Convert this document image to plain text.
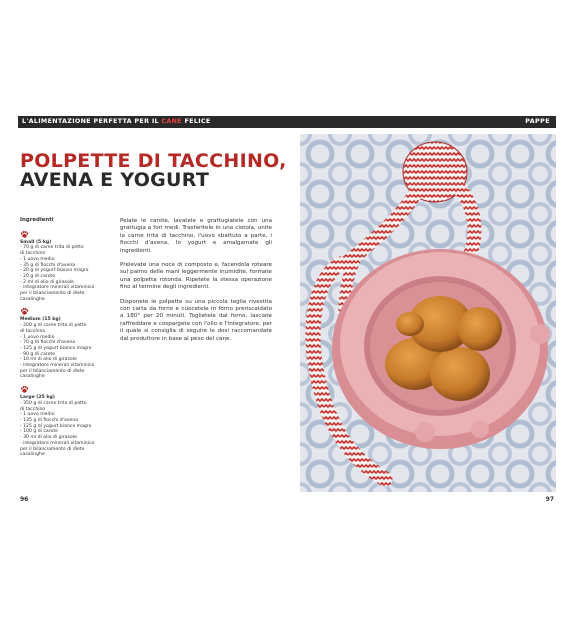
L'ALIMENTAZIONE PERFETTA PER IL CANE FELICE	PAPPE
POLPETTE DI TACCHINO,
AVENA E YOGURT
Ingredienti
Small (5 kg)
- 70 g di carne trita di petto
di tacchino
- 1 uovo medio
- 35 g di fiocchi d'avena
- 20 g di yogurt bianco magro
- 20 g di carote
- 2 ml di olio di girasole
- integratore minerali vitaminico
per il bilanciamento di diete
casalinghe
Medium (15 kg)
- 200 g di carne trita di petto
di tacchino
- 1 uovo medio
- 70 g di fiocchi d'avena
- 125 g di yogurt bianco magro
- 90 g di carote
- 10 ml di olio di girasole
- integratore minerali vitaminico
per il bilanciamento di diete
casalinghe
Large (25 kg)
- 350 g di carne trita di petto
di tacchino
- 1 uovo medio
- 135 g di fiocchi d'avena
- 125 g di yogurt bianco magro
- 100 g di carote
- 30 ml di olio di girasole
- integratore minerali vitaminico
per il bilanciamento di diete
casalinghe

Pelate le carote, lavatele e grattugiatele con una grattugia a fori medi. Trasferitele in una ciotola, unite la carne trita di tacchino, l'uovo sbattuto a parte, i fiocchi d'avena, lo yogurt e amalgamate gli ingredienti.

Prelevate una noce di composto e, facendola roteare sul palmo delle mani leggermente inumidite, formate una polpetta rotonda. Ripetete la stessa operazione fino al termine degli ingredienti.

Disponete le polpette su una piccola teglia rivestita con carta da forno e cuocetele in forno preriscaldato a 180° per 20 minuti. Toglietele dal forno, lasciate raffreddare e cospargete con l'olio e l'integratore, per il quale si consiglia di seguire le dosi raccomandate dal produttore in base al peso del cane.

96	97
